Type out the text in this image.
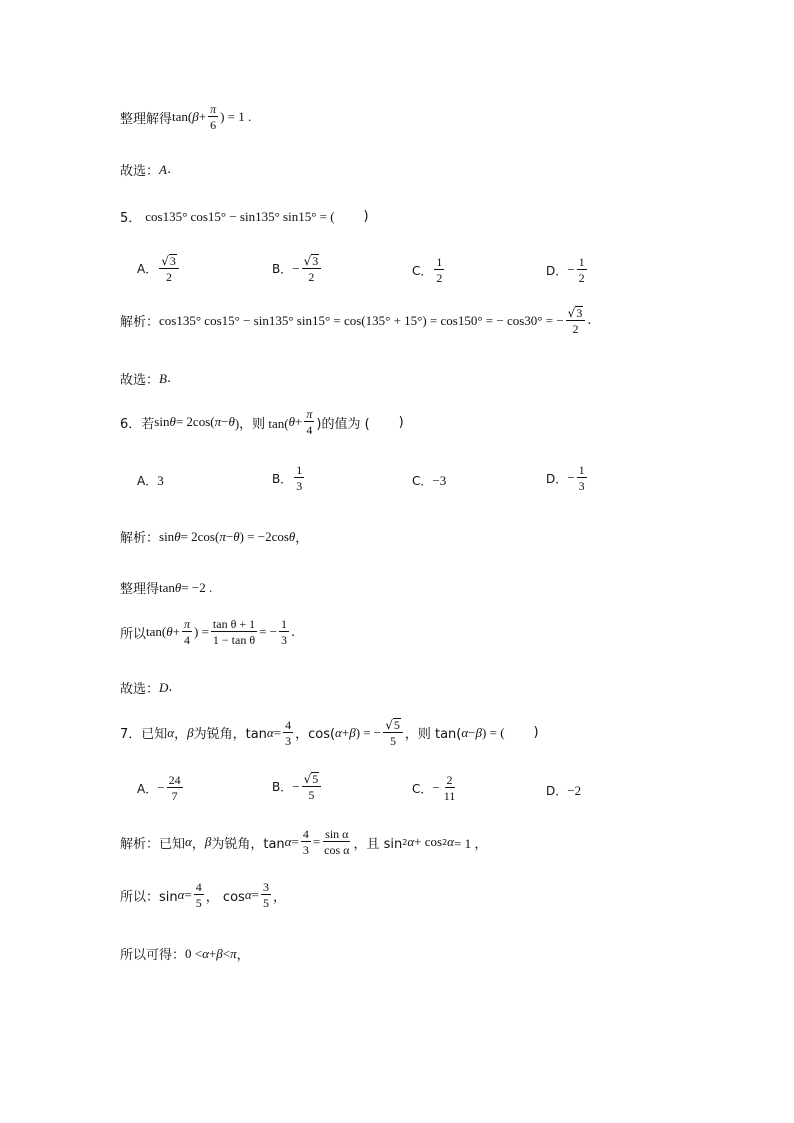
整理解得 tan( $\beta + \frac{\pi}{6}$ ) = 1 .
故选： A .
5． cos135° cos15° − sin135° sin15° = ( )
A． $\frac{√ 3}{2}$	B． − $\frac{√ 3}{2}$	C． $\frac{1}{2}$	D． − $\frac{1}{2}$
解析： cos135° cos15° − sin135° sin15° = cos(135° + 15°) = cos150° = − cos30° = − $\frac{√ 3}{2}$ .
故选： B .
6．若 sin θ = 2cos( π − θ )，则 tan( $\theta + \frac{\pi}{4}$ )的值为 ( )
A． 3	B． $\frac{1}{3}$	C． −3	D． − $\frac{1}{3}$
解析： sin θ = 2cos( π − θ ) = −2cos θ ，
整理得 tan θ = −2 .
所以 tan( $\theta + \frac{\pi}{4}$ ) = $\frac{\text{tan θ + 1}}{\text{1 − tan θ}}$ = − $\frac{1}{3}$ .
故选： D .
7．已知 α ， β 为锐角，$\tan \alpha = \frac{4}{3}$ ，cos( α + β ) = − $\frac{√ 5}{5}$ ，则 tan( α − β ) = ( )
A． − $\frac{24}{7}$	B． − $\frac{√ 5}{5}$	C． − $\frac{2}{11}$	D． −2
解析：已知 α ， β 为锐角，$\tan \alpha = \frac{4}{3} = \frac{\text{sin α}}{\text{cos α}}$ ，且 sin 2 α + cos 2 α = 1 ，
所以：$\sin \alpha = \frac{4}{5}$ ， $\cos \alpha = \frac{3}{5}$ ，
所以可得： 0 < α + β < π ，
